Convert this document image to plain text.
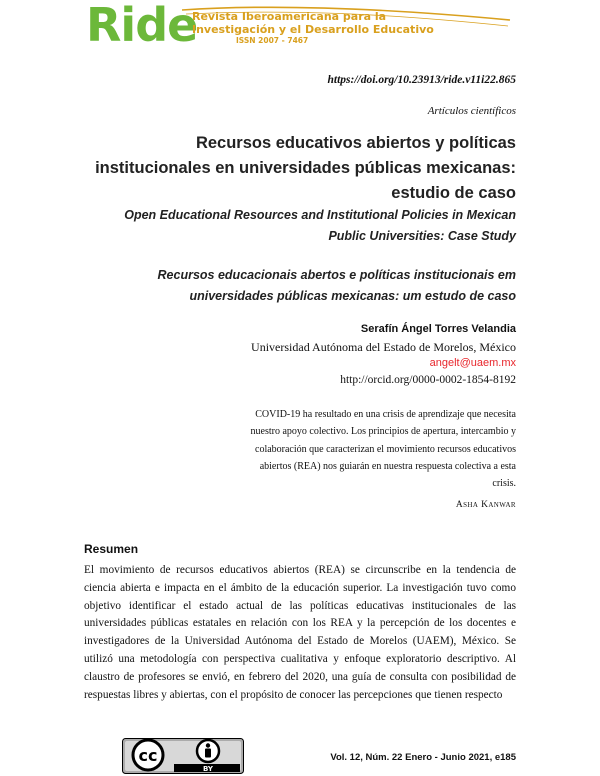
Ride
Revista Iberoamericana para la
Investigación y el Desarrollo Educativo
ISSN 2007 - 7467
https://doi.org/10.23913/ride.v11i22.865
Artículos científicos
Recursos educativos abiertos y políticas institucionales en universidades públicas mexicanas: estudio de caso
Open Educational Resources and Institutional Policies in Mexican Public Universities: Case Study
Recursos educacionais abertos e políticas institucionais em universidades públicas mexicanas: um estudo de caso
Serafín Ángel Torres Velandia
Universidad Autónoma del Estado de Morelos, México
angelt@uaem.mx
http://orcid.org/0000-0002-1854-8192
COVID-19 ha resultado en una crisis de aprendizaje que necesita nuestro apoyo colectivo. Los principios de apertura, intercambio y colaboración que caracterizan el movimiento recursos educativos abiertos (REA) nos guiarán en nuestra respuesta colectiva a esta crisis.
Asha Kanwar
Resumen
El movimiento de recursos educativos abiertos (REA) se circunscribe en la tendencia de ciencia abierta e impacta en el ámbito de la educación superior. La investigación tuvo como objetivo identificar el estado actual de las políticas educativas institucionales de las universidades públicas estatales en relación con los REA y la percepción de los docentes e investigadores de la Universidad Autónoma del Estado de Morelos (UAEM), México. Se utilizó una metodología con perspectiva cualitativa y enfoque exploratorio descriptivo. Al claustro de profesores se envió, en febrero del 2020, una guía de consulta con posibilidad de respuestas libres y abiertas, con el propósito de conocer las percepciones que tienen respecto
cc
BY
Vol. 12, Núm. 22 Enero - Junio 2021, e185
